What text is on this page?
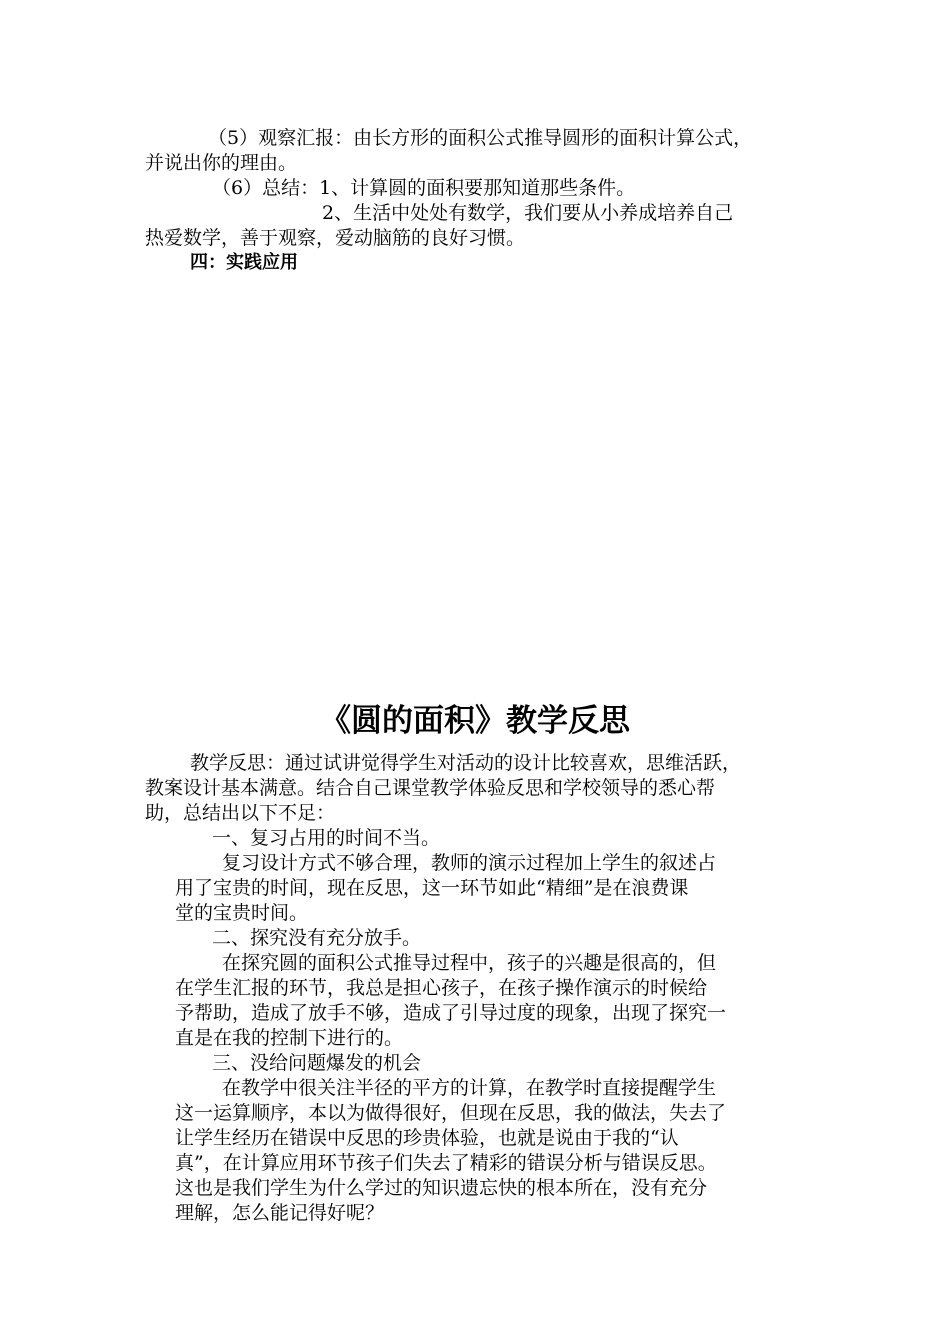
（5）观察汇报：由长方形的面积公式推导圆形的面积计算公式，

并说出你的理由。

（6）总结：1、计算圆的面积要那知道那些条件。

2、生活中处处有数学，我们要从小养成培养自己

热爱数学，善于观察，爱动脑筋的良好习惯。

四：实践应用

《圆的面积》教学反思

教学反思：通过试讲觉得学生对活动的设计比较喜欢，思维活跃，

教案设计基本满意。结合自己课堂教学体验反思和学校领导的悉心帮

助，总结出以下不足：

一、复习占用的时间不当。

复习设计方式不够合理，教师的演示过程加上学生的叙述占

用了宝贵的时间，现在反思，这一环节如此“精细”是在浪费课

堂的宝贵时间。

二、探究没有充分放手。

在探究圆的面积公式推导过程中，孩子的兴趣是很高的，但

在学生汇报的环节，我总是担心孩子，在孩子操作演示的时候给

予帮助，造成了放手不够，造成了引导过度的现象，出现了探究一

直是在我的控制下进行的。

三、没给问题爆发的机会

在教学中很关注半径的平方的计算，在教学时直接提醒学生

这一运算顺序，本以为做得很好，但现在反思，我的做法，失去了

让学生经历在错误中反思的珍贵体验，也就是说由于我的“认

真”，在计算应用环节孩子们失去了精彩的错误分析与错误反思。

这也是我们学生为什么学过的知识遗忘快的根本所在，没有充分

理解，怎么能记得好呢？
